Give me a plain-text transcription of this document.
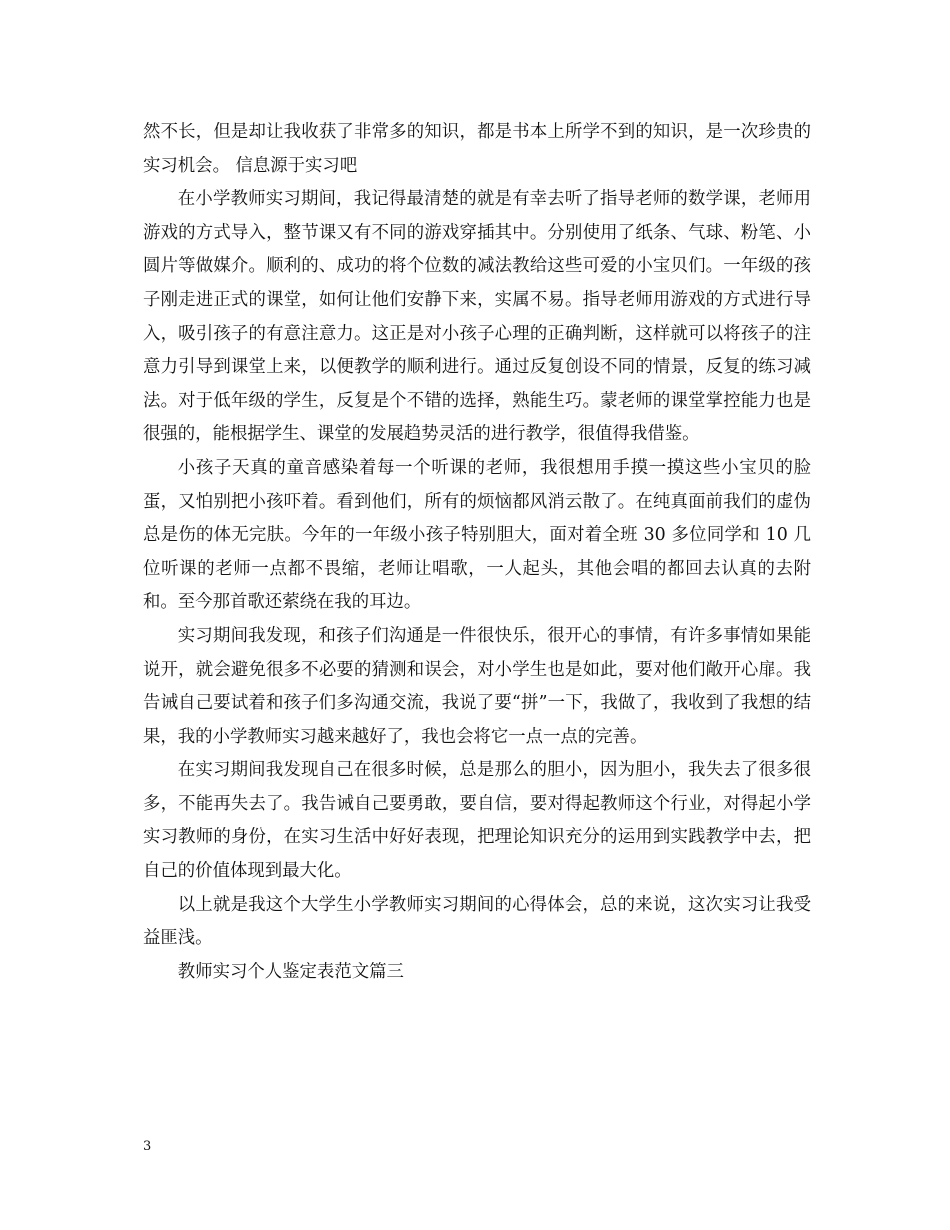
然不长，但是却让我收获了非常多的知识，都是书本上所学不到的知识，是一次珍贵的实习机会。 信息源于实习吧

在小学教师实习期间，我记得最清楚的就是有幸去听了指导老师的数学课，老师用游戏的方式导入，整节课又有不同的游戏穿插其中。分别使用了纸条、气球、粉笔、小圆片等做媒介。顺利的、成功的将个位数的减法教给这些可爱的小宝贝们。一年级的孩子刚走进正式的课堂，如何让他们安静下来，实属不易。指导老师用游戏的方式进行导入，吸引孩子的有意注意力。这正是对小孩子心理的正确判断，这样就可以将孩子的注意力引导到课堂上来，以便教学的顺利进行。通过反复创设不同的情景，反复的练习减法。对于低年级的学生，反复是个不错的选择，熟能生巧。蒙老师的课堂掌控能力也是很强的，能根据学生、课堂的发展趋势灵活的进行教学，很值得我借鉴。

小孩子天真的童音感染着每一个听课的老师，我很想用手摸一摸这些小宝贝的脸蛋，又怕别把小孩吓着。看到他们，所有的烦恼都风消云散了。在纯真面前我们的虚伪总是伤的体无完肤。今年的一年级小孩子特别胆大，面对着全班 30 多位同学和 10 几位听课的老师一点都不畏缩，老师让唱歌，一人起头，其他会唱的都回去认真的去附和。至今那首歌还萦绕在我的耳边。

实习期间我发现，和孩子们沟通是一件很快乐，很开心的事情，有许多事情如果能说开，就会避免很多不必要的猜测和误会，对小学生也是如此，要对他们敞开心扉。我告诫自己要试着和孩子们多沟通交流，我说了要“拼”一下，我做了，我收到了我想的结果，我的小学教师实习越来越好了，我也会将它一点一点的完善。

在实习期间我发现自己在很多时候，总是那么的胆小，因为胆小，我失去了很多很多，不能再失去了。我告诫自己要勇敢，要自信，要对得起教师这个行业，对得起小学实习教师的身份，在实习生活中好好表现，把理论知识充分的运用到实践教学中去，把自己的价值体现到最大化。

以上就是我这个大学生小学教师实习期间的心得体会，总的来说，这次实习让我受益匪浅。

教师实习个人鉴定表范文篇三

3
